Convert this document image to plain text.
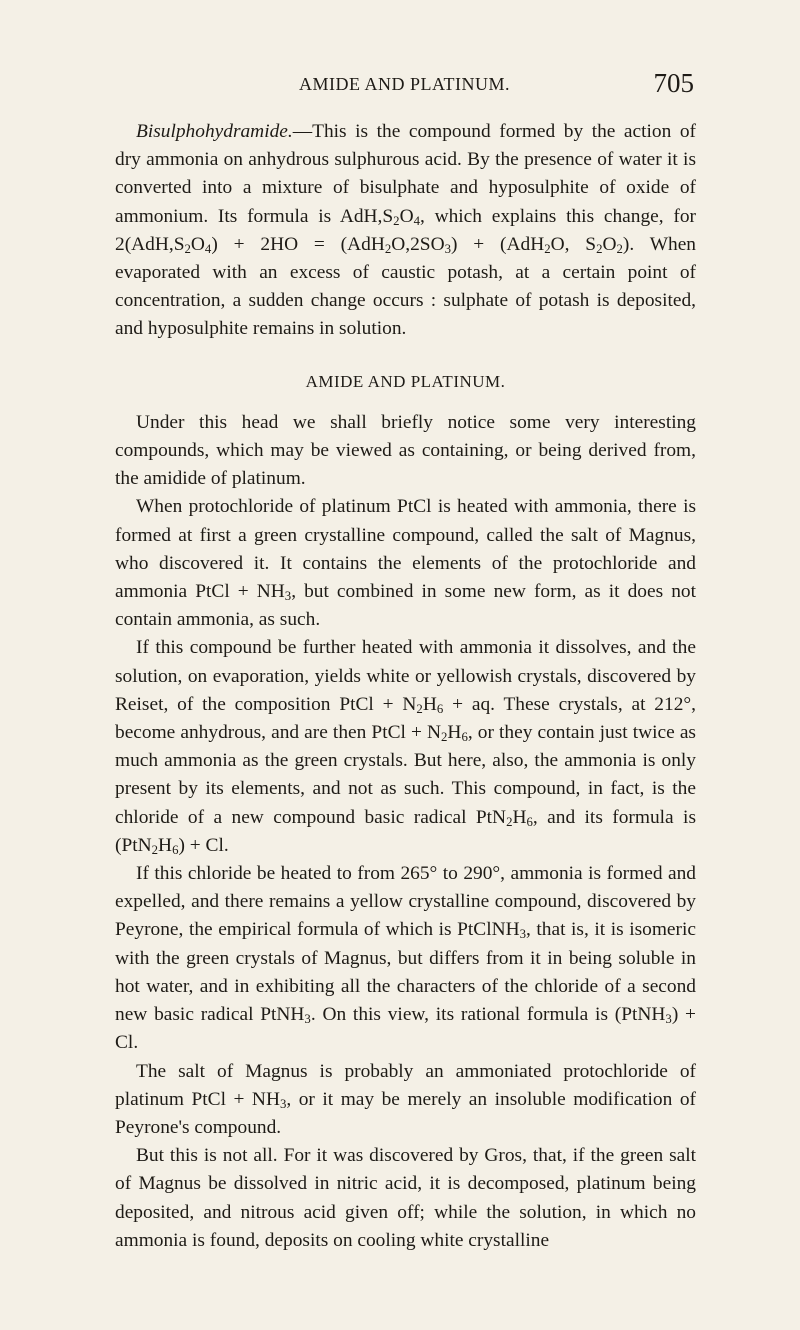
AMIDE AND PLATINUM.	705

Bisulphohydramide.—This is the compound formed by the action of dry ammonia on anhydrous sulphurous acid. By the presence of water it is converted into a mixture of bisulphate and hyposulphite of oxide of ammonium. Its formula is $AdH,S_2O_4$, which explains this change, for $2(AdH,S_2O_4) + 2HO = (AdH_2O,2SO_3) + (AdH_2O$, $S_2O_2$). When evaporated with an excess of caustic potash, at a certain point of concentration, a sudden change occurs : sulphate of potash is deposited, and hyposulphite remains in solution.

AMIDE AND PLATINUM.

Under this head we shall briefly notice some very interesting compounds, which may be viewed as containing, or being derived from, the amidide of platinum.

When protochloride of platinum PtCl is heated with ammonia, there is formed at first a green crystalline compound, called the salt of Magnus, who discovered it. It contains the elements of the protochloride and ammonia PtCl + $NH_3$, but combined in some new form, as it does not contain ammonia, as such.

If this compound be further heated with ammonia it dissolves, and the solution, on evaporation, yields white or yellowish crystals, discovered by Reiset, of the composition PtCl + $N_2H_6$ + aq. These crystals, at 212°, become anhydrous, and are then PtCl + $N_2H_6$, or they contain just twice as much ammonia as the green crystals. But here, also, the ammonia is only present by its elements, and not as such. This compound, in fact, is the chloride of a new compound basic radical $PtN_2H_6$, and its formula is $(PtN_2H_6) + Cl$.

If this chloride be heated to from 265° to 290°, ammonia is formed and expelled, and there remains a yellow crystalline compound, discovered by Peyrone, the empirical formula of which is PtClNH$_3$, that is, it is isomeric with the green crystals of Magnus, but differs from it in being soluble in hot water, and in exhibiting all the characters of the chloride of a second new basic radical PtNH$_3$. On this view, its rational formula is (PtNH$_3$) + Cl.

The salt of Magnus is probably an ammoniated protochloride of platinum PtCl + $NH_3$, or it may be merely an insoluble modification of Peyrone's compound.

But this is not all. For it was discovered by Gros, that, if the green salt of Magnus be dissolved in nitric acid, it is decomposed, platinum being deposited, and nitrous acid given off; while the solution, in which no ammonia is found, deposits on cooling white crystalline
